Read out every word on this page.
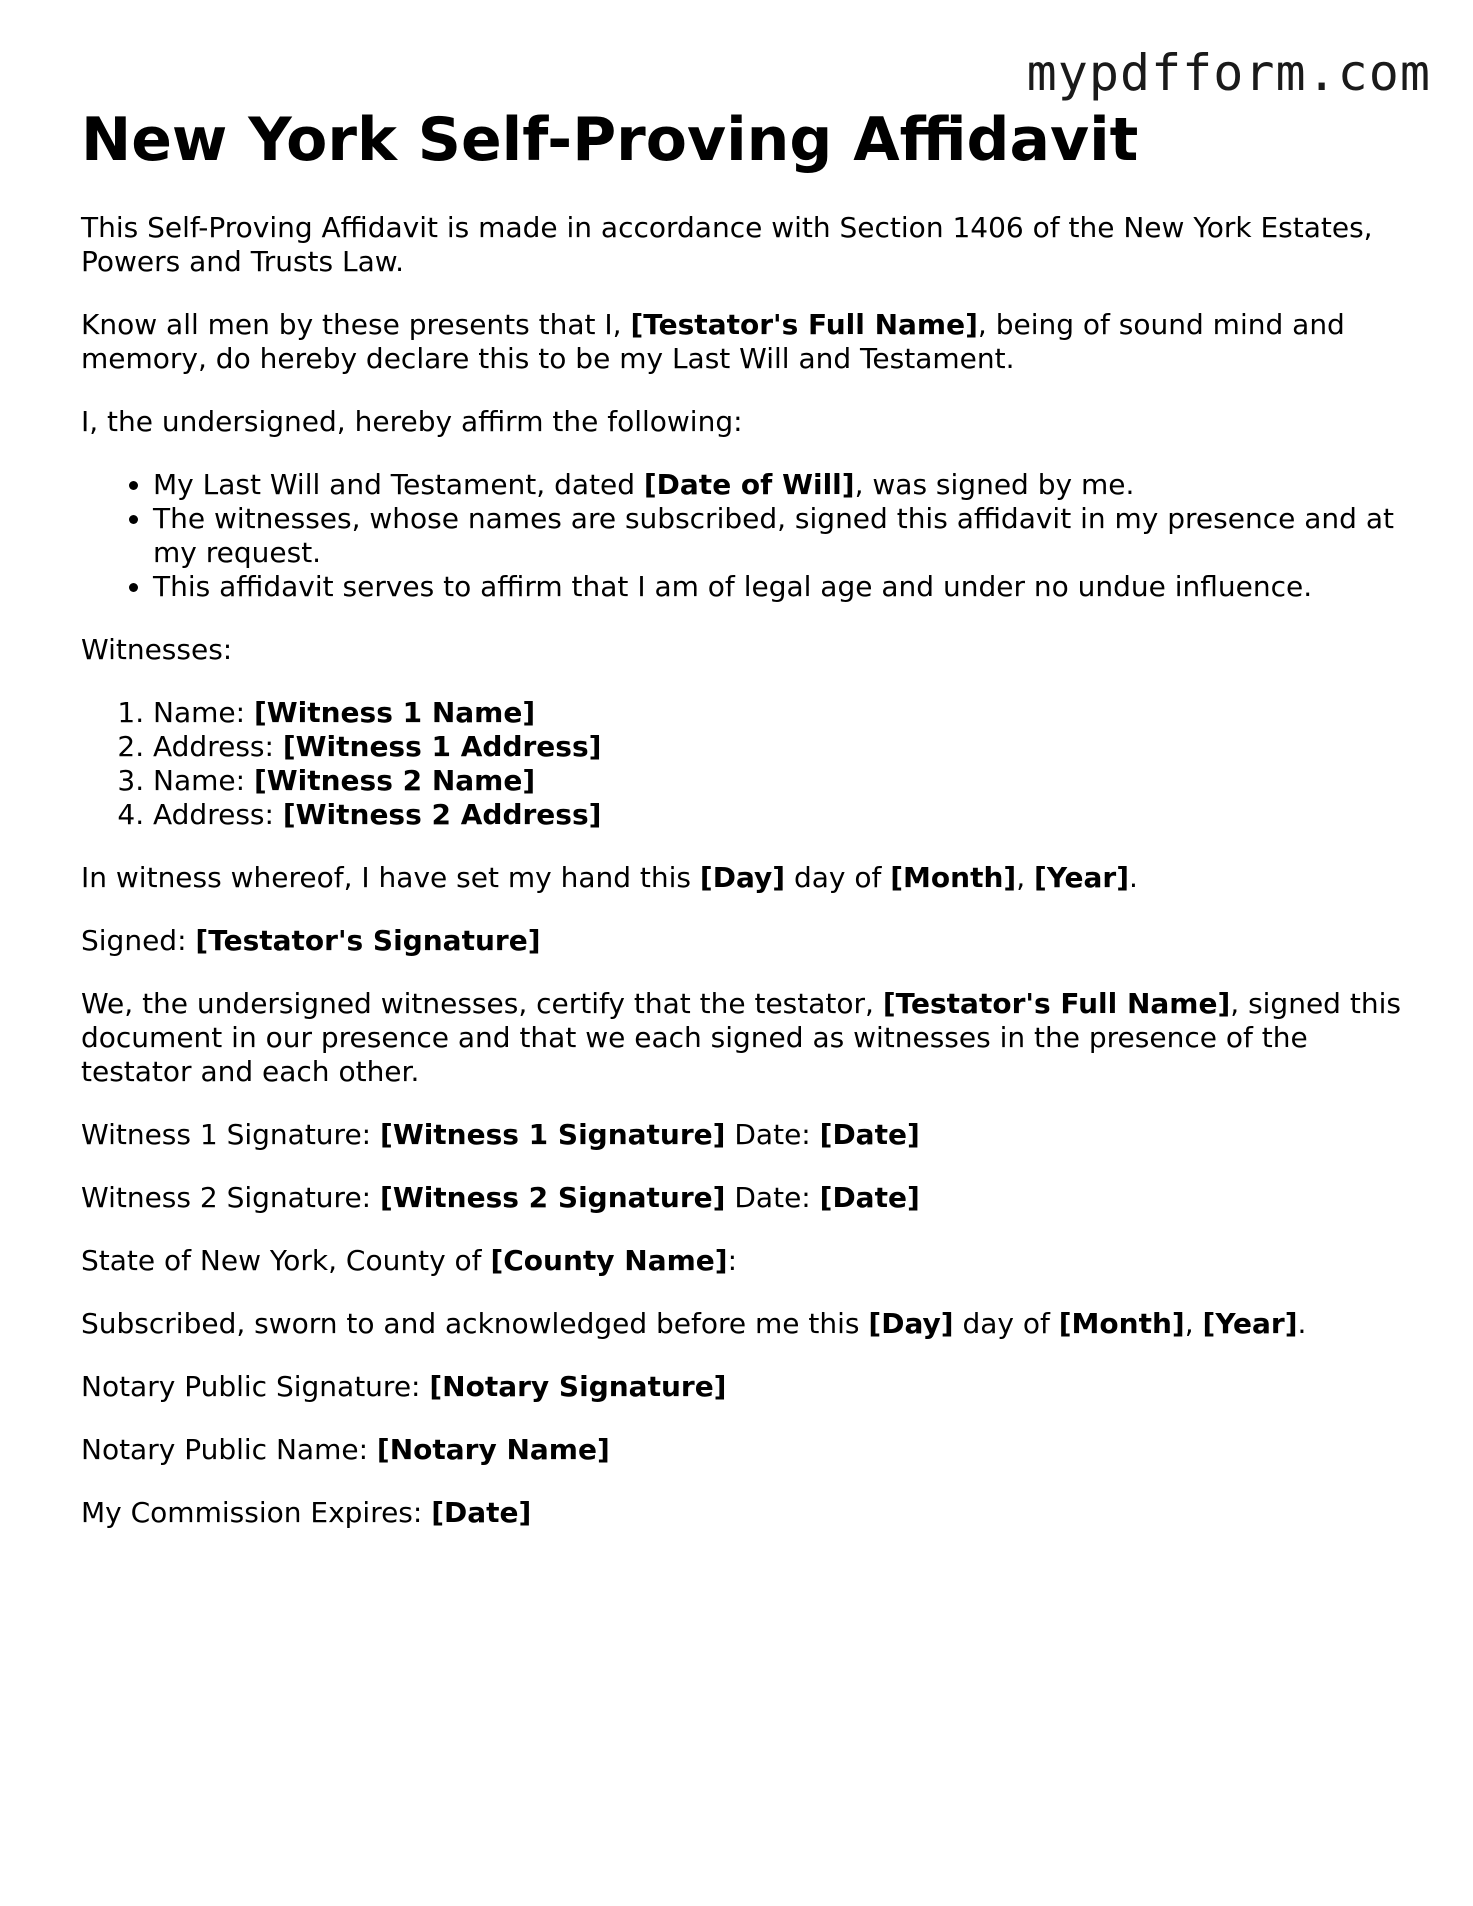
mypdfform.com
New York Self-Proving Affidavit

This Self-Proving Affidavit is made in accordance with Section 1406 of the New York Estates, Powers and Trusts Law.

Know all men by these presents that I, [Testator's Full Name], being of sound mind and memory, do hereby declare this to be my Last Will and Testament.

I, the undersigned, hereby affirm the following:

• My Last Will and Testament, dated [Date of Will], was signed by me.
• The witnesses, whose names are subscribed, signed this affidavit in my presence and at my request.
• This affidavit serves to affirm that I am of legal age and under no undue influence.

Witnesses:

1. Name: [Witness 1 Name]
2. Address: [Witness 1 Address]
3. Name: [Witness 2 Name]
4. Address: [Witness 2 Address]

In witness whereof, I have set my hand this [Day] day of [Month], [Year].

Signed: [Testator's Signature]

We, the undersigned witnesses, certify that the testator, [Testator's Full Name], signed this document in our presence and that we each signed as witnesses in the presence of the testator and each other.

Witness 1 Signature: [Witness 1 Signature] Date: [Date]

Witness 2 Signature: [Witness 2 Signature] Date: [Date]

State of New York, County of [County Name]:

Subscribed, sworn to and acknowledged before me this [Day] day of [Month], [Year].

Notary Public Signature: [Notary Signature]

Notary Public Name: [Notary Name]

My Commission Expires: [Date]
